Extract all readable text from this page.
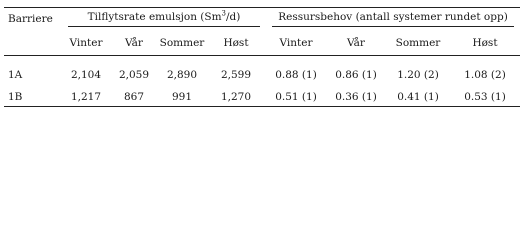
Barriere	Tilflytsrate emulsjon (Sm$^3$/d)				Ressursbehov (antall systemer rundet opp)			

	Vinter	Vår	Sommer	Høst	Vinter	Vår	Sommer	Høst

1A	2,104	2,059	2,890	2,599	0.88 (1)	0.86 (1)	1.20 (2)	1.08 (2)
1B	1,217	867	991	1,270	0.51 (1)	0.36 (1)	0.41 (1)	0.53 (1)
